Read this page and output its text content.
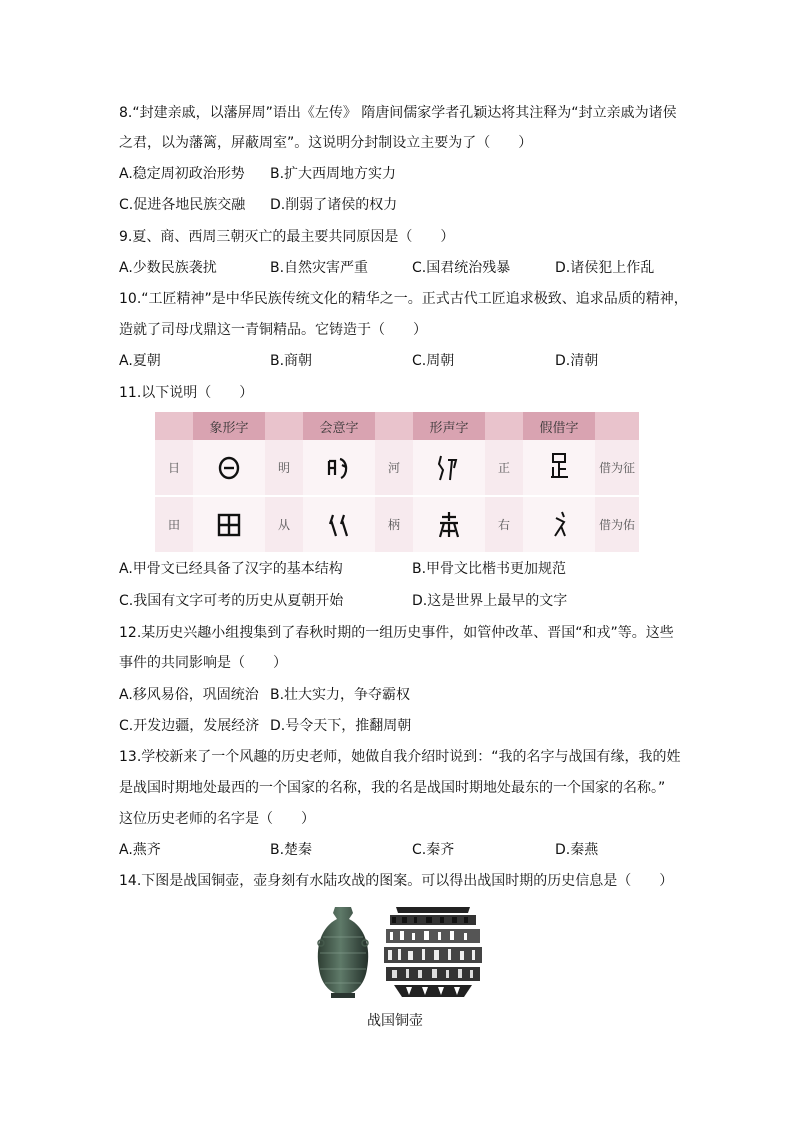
8.“封建亲戚，以藩屏周”语出《左传》 隋唐间儒家学者孔颖达将其注释为“封立亲戚为诸侯
之君，以为藩篱，屏蔽周室”。这说明分封制设立主要为了（　　）
A.稳定周初政治形势 B.扩大西周地方实力
C.促进各地民族交融 D.削弱了诸侯的权力
9.夏、商、西周三朝灭亡的最主要共同原因是（　　）
A.少数民族袭扰	B.自然灾害严重	C.国君统治残暴	D.诸侯犯上作乱
10.“工匠精神”是中华民族传统文化的精华之一。正式古代工匠追求极致、追求品质的精神，
造就了司母戊鼎这一青铜精品。它铸造于（　　）
A.夏朝	B.商朝	C.周朝	D.清朝
11.以下说明（　　）
	象形字		会意字		形声字		假借字	
日		明		河		正		借为征
田		从		柄		右		借为佑
A.甲骨文已经具备了汉字的基本结构	B.甲骨文比楷书更加规范
C.我国有文字可考的历史从夏朝开始	D.这是世界上最早的文字
12.某历史兴趣小组搜集到了春秋时期的一组历史事件，如管仲改革、晋国“和戎”等。这些
事件的共同影响是（　　）
A.移风易俗，巩固统治 B.壮大实力，争夺霸权
C.开发边疆，发展经济 D.号令天下，推翻周朝
13.学校新来了一个风趣的历史老师，她做自我介绍时说到：“我的名字与战国有缘，我的姓
是战国时期地处最西的一个国家的名称，我的名是战国时期地处最东的一个国家的名称。”
这位历史老师的名字是（　　）
A.燕齐	B.楚秦	C.秦齐	D.秦燕
14.下图是战国铜壶，壶身刻有水陆攻战的图案。可以得出战国时期的历史信息是（　　）
战国铜壶
